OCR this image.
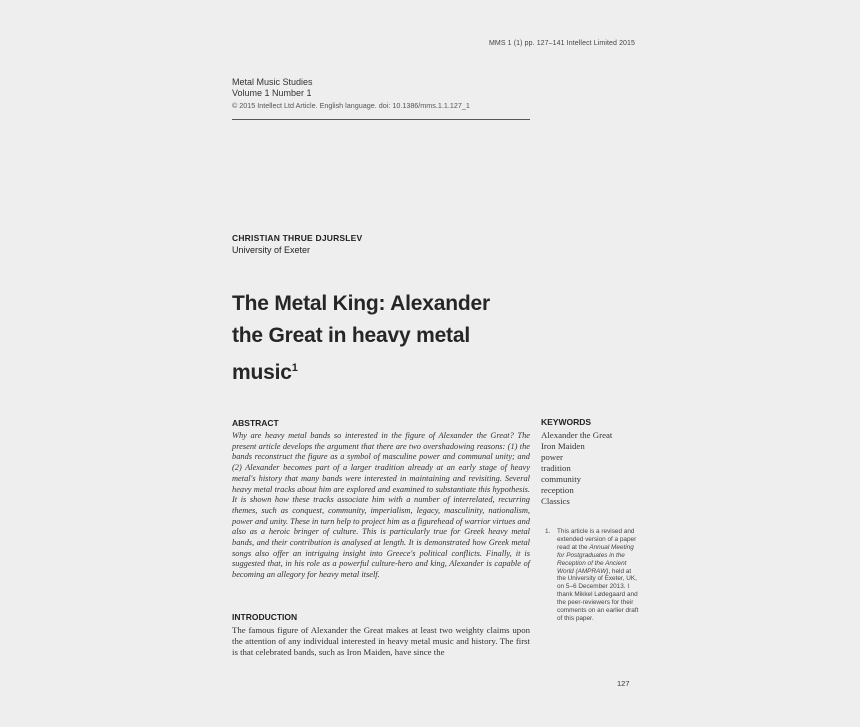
MMS 1 (1) pp. 127–141 Intellect Limited 2015
Metal Music Studies
Volume 1 Number 1
© 2015 Intellect Ltd Article. English language. doi: 10.1386/mms.1.1.127_1
CHRISTIAN THRUE DJURSLEV
University of Exeter
The Metal King: Alexander
the Great in heavy metal
music$^1$
ABSTRACT
Why are heavy metal bands so interested in the figure of Alexander the Great? The present article develops the argument that there are two overshadowing reasons: (1) the bands reconstruct the figure as a symbol of masculine power and communal unity; and (2) Alexander becomes part of a larger tradition already at an early stage of heavy metal's history that many bands were interested in maintaining and revisiting. Several heavy metal tracks about him are explored and examined to substantiate this hypothesis. It is shown how these tracks associate him with a number of interrelated, recurring themes, such as conquest, community, imperialism, legacy, masculinity, nationalism, power and unity. These in turn help to project him as a figurehead of warrior virtues and also as a heroic bringer of culture. This is particularly true for Greek heavy metal bands, and their contribution is analysed at length. It is demonstrated how Greek metal songs also offer an intriguing insight into Greece's political conflicts. Finally, it is suggested that, in his role as a powerful culture-hero and king, Alexander is capable of becoming an allegory for heavy metal itself.
KEYWORDS
Alexander the Great
Iron Maiden
power
tradition
community
reception
Classics
1. This article is a revised and extended version of a paper read at the Annual Meeting for Postgraduates in the Reception of the Ancient World (AMPRAW), held at the University of Exeter, UK, on 5–6 December 2013. I thank Mikkel Lødegaard and the peer-reviewers for their comments on an earlier draft of this paper.
INTRODUCTION
The famous figure of Alexander the Great makes at least two weighty claims upon the attention of any individual interested in heavy metal music and history. The first is that celebrated bands, such as Iron Maiden, have since the
127
